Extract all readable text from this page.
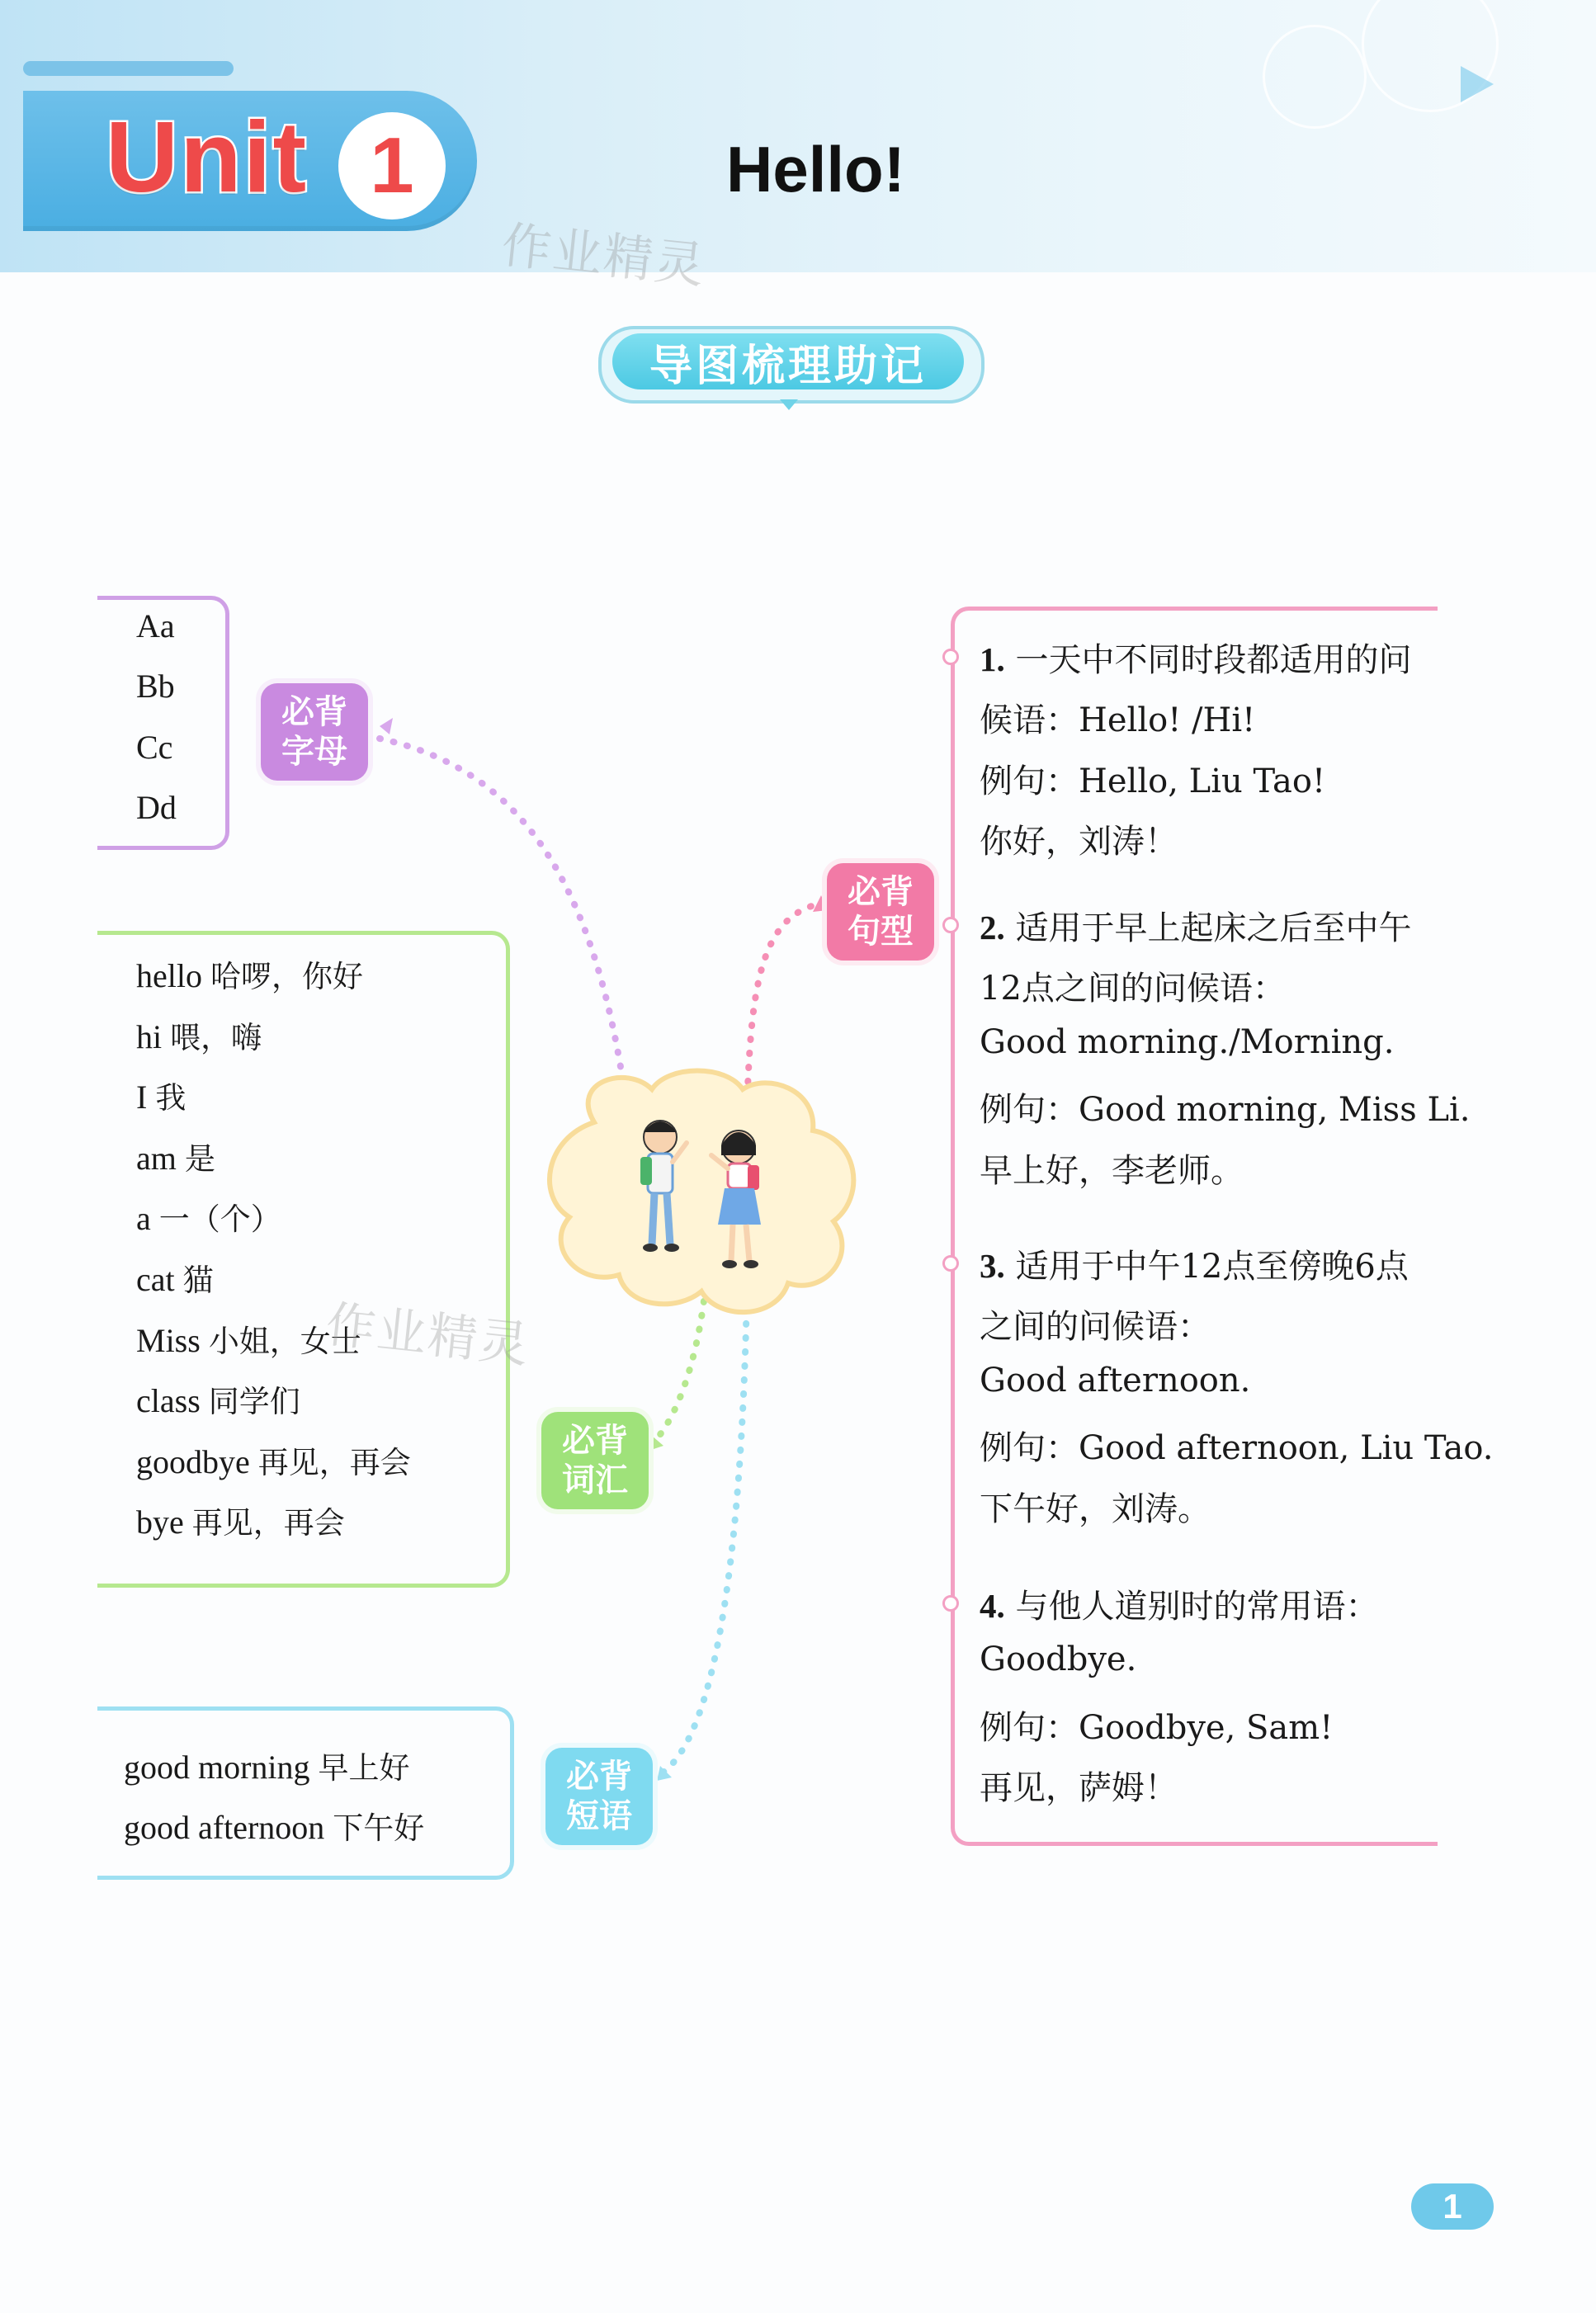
Unit 1	Hello!
作业精灵
导图梳理助记
必背
字母
Aa
Bb
Cc
Dd
必背
词汇
hello 哈啰，你好
hi 喂，嗨
I 我
am 是
a 一（个）
cat 猫
Miss 小姐，女士
class 同学们
goodbye 再见，再会
bye 再见，再会
作业精灵
必背
短语
good morning 早上好
good afternoon 下午好
必背
句型
1. 一天中不同时段都适用的问
候语：Hello! /Hi!
例句：Hello, Liu Tao!
你好，刘涛！
2. 适用于早上起床之后至中午
12点之间的问候语：
Good morning./Morning.
例句：Good morning, Miss Li.
早上好，李老师。
3. 适用于中午12点至傍晚6点
之间的问候语：
Good afternoon.
例句：Good afternoon, Liu Tao.
下午好，刘涛。
4. 与他人道别时的常用语：
Goodbye.
例句：Goodbye, Sam!
再见，萨姆！
1
